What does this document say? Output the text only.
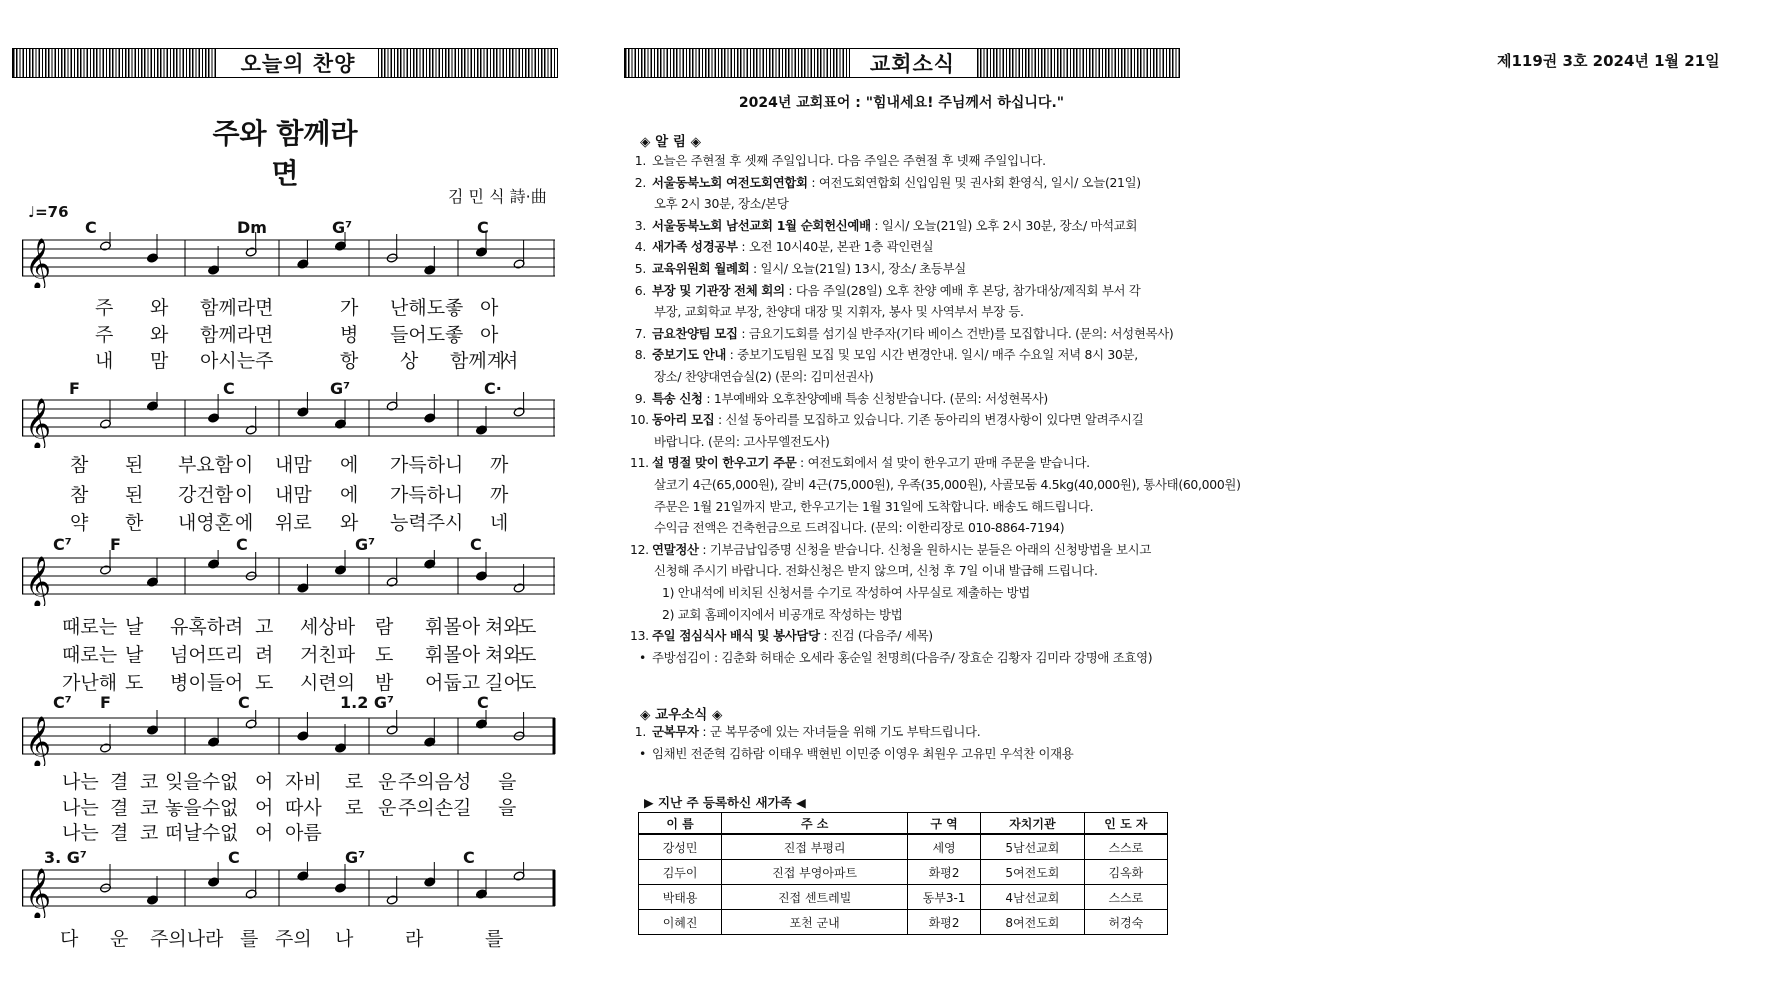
오늘의 찬양	교회소식	제119권 3호 2024년 1월 21일
주와 함께라면
김 민 식 詩·曲
♩=76
C	Dm	G⁷	C
𝄞
주 와 함께라 면	가 난해도좋 아
주 와 함께라 면	병 들어도좋 아
내 맘 아시는 주	항 상 함께계
셔
F	C	G⁷	C·
𝄞
참 된 부요함 이 내맘 에 가득하니 까
참 된 강건함 이 내맘 에 가득하니 까
약 한 내영혼 에 위로 와 능력주시 네
C⁷ F	C	G⁷	C
𝄞
때로는 날 유혹하려 고 세상바 람 휘몰아 쳐와
도
때로는 날 넘어뜨리 려 거친파 도 휘몰아 쳐와
도
가난해 도 병이들어 도 시련의 밤 어둡고 길어
도
C⁷ F	C	1.2 G⁷	C
𝄞
나는 결 코 잊을수없 어 자비 로 운 주의음성 을
나는 결 코 놓을수없 어 따사 로 운 주의손길 을
나는 결 코 떠날수없 어 아름
3. G⁷	C	G⁷	C
𝄞
다 운 주의나라 를 주의 나	라	를
2024년 교회표어 : "힘내세요! 주님께서 하십니다."
◈ 알 림 ◈
1. 오늘은 주현절 후 셋째 주일입니다. 다음 주일은 주현절 후 넷째 주일입니다.
2. 서울동북노회 여전도회연합회 : 여전도회연합회 신입임원 및 권사회 환영식, 일시/ 오늘(21일)
오후 2시 30분, 장소/본당
3. 서울동북노회 남선교회 1월 순회헌신예배 : 일시/ 오늘(21일) 오후 2시 30분, 장소/ 마석교회
4. 새가족 성경공부 : 오전 10시40분, 본관 1층 곽인련실
5. 교육위원회 월례회 : 일시/ 오늘(21일) 13시, 장소/ 초등부실
6. 부장 및 기관장 전체 회의 : 다음 주일(28일) 오후 찬양 예배 후 본당, 참가대상/제직회 부서 각
부장, 교회학교 부장, 찬양대 대장 및 지휘자, 봉사 및 사역부서 부장 등.
7. 금요찬양팀 모집 : 금요기도회를 섬기실 반주자(기타 베이스 건반)를 모집합니다. (문의: 서성현목사)
8. 중보기도 안내 : 중보기도팀원 모집 및 모임 시간 변경안내. 일시/ 매주 수요일 저녁 8시 30분,
장소/ 찬양대연습실(2) (문의: 김미선권사)
9. 특송 신청 : 1부예배와 오후찬양예배 특송 신청받습니다. (문의: 서성현목사)
10. 동아리 모집 : 신설 동아리를 모집하고 있습니다. 기존 동아리의 변경사항이 있다면 알려주시길
바랍니다. (문의: 고사무엘전도사)
11. 설 명절 맞이 한우고기 주문 : 여전도회에서 설 맞이 한우고기 판매 주문을 받습니다.
살코기 4근(65,000원), 갈비 4근(75,000원), 우족(35,000원), 사골모둠 4.5kg(40,000원), 통사태(60,000원)
주문은 1월 21일까지 받고, 한우고기는 1월 31일에 도착합니다. 배송도 해드립니다.
수익금 전액은 건축헌금으로 드려집니다. (문의: 이한리장로 010-8864-7194)
12. 연말정산 : 기부금납입증명 신청을 받습니다. 신청을 원하시는 분들은 아래의 신청방법을 보시고
신청해 주시기 바랍니다. 전화신청은 받지 않으며, 신청 후 7일 이내 발급해 드립니다.
1) 안내석에 비치된 신청서를 수기로 작성하여 사무실로 제출하는 방법
2) 교회 홈페이지에서 비공개로 작성하는 방법
13. 주일 점심식사 배식 및 봉사담당 : 진검 (다음주/ 세목)
• 주방섬김이 : 김춘화 허태순 오세라 홍순일 천명희(다음주/ 장효순 김황자 김미라 강명애 조효영)
◈ 교우소식 ◈
1. 군복무자 : 군 복무중에 있는 자녀들을 위해 기도 부탁드립니다.
• 임채빈 전준혁 김하람 이태우 백현빈 이민중 이영우 최원우 고유민 우석찬 이재용
▶ 지난 주 등록하신 새가족 ◀
이 름	주 소	구 역	자치기관	인 도 자
강성민	진접 부평리	세영	5남선교회	스스로
김두이	진접 부영아파트	화평2	5여전도회	김옥화
박태용	진접 센트레빌	동부3-1	4남선교회	스스로
이혜진	포천 군내	화평2	8여전도회	허경숙
